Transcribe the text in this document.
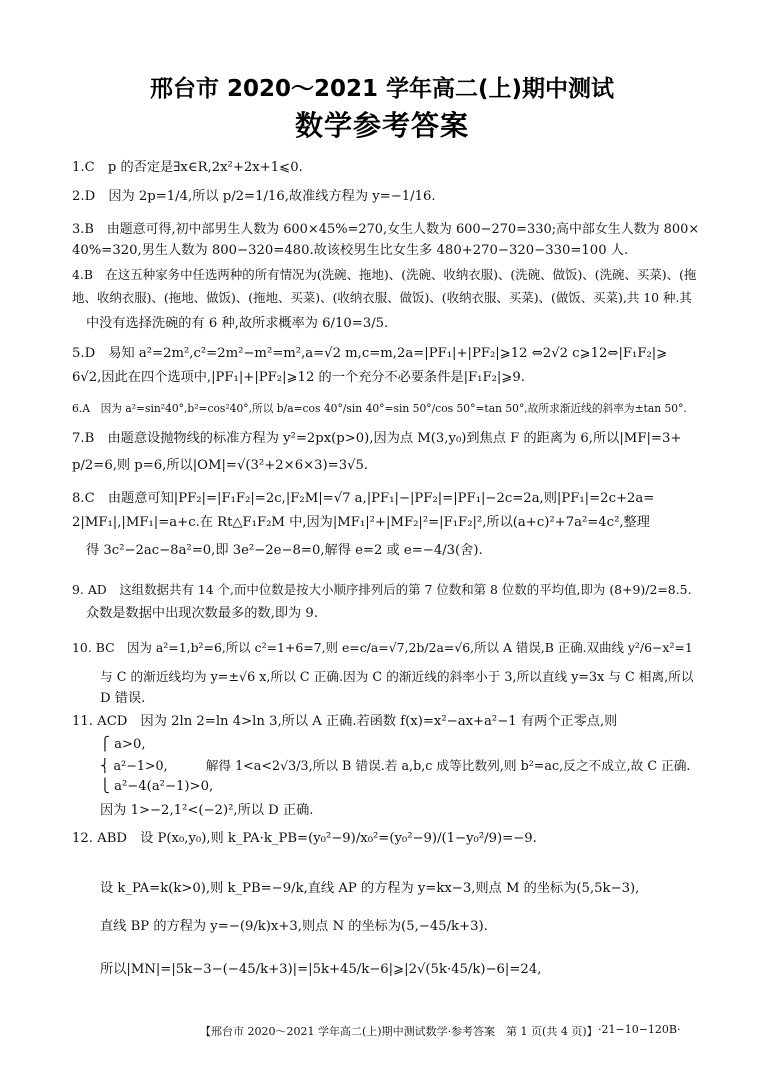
邢台市 2020～2021 学年高二(上)期中测试
数学参考答案
1.C　p 的否定是∃x∈R,2x²+2x+1⩽0.
2.D　因为 2p=1/4,所以 p/2=1/16,故准线方程为 y=−1/16.
3.B　由题意可得,初中部男生人数为 600×45%=270,女生人数为 600−270=330;高中部女生人数为 800×
40%=320,男生人数为 800−320=480.故该校男生比女生多 480+270−320−330=100 人.
4.B　在这五种家务中任选两种的所有情况为(洗碗、拖地)、(洗碗、收纳衣服)、(洗碗、做饭)、(洗碗、买菜)、(拖
地、收纳衣服)、(拖地、做饭)、(拖地、买菜)、(收纳衣服、做饭)、(收纳衣服、买菜)、(做饭、买菜),共 10 种.其
中没有选择洗碗的有 6 种,故所求概率为 6/10=3/5.
5.D　易知 a²=2m²,c²=2m²−m²=m²,a=√2 m,c=m,2a=|PF₁|+|PF₂|⩾12 ⇔2√2 c⩾12⇔|F₁F₂|⩾
6√2,因此在四个选项中,|PF₁|+|PF₂|⩾12 的一个充分不必要条件是|F₁F₂|⩾9.
6.A　因为 a²=sin²40°,b²=cos²40°,所以 b/a=cos 40°/sin 40°=sin 50°/cos 50°=tan 50°,故所求渐近线的斜率为±tan 50°.
7.B　由题意设抛物线的标准方程为 y²=2px(p>0),因为点 M(3,y₀)到焦点 F 的距离为 6,所以|MF|=3+
p/2=6,则 p=6,所以|OM|=√(3²+2×6×3)=3√5.
8.C　由题意可知|PF₂|=|F₁F₂|=2c,|F₂M|=√7 a,|PF₁|−|PF₂|=|PF₁|−2c=2a,则|PF₁|=2c+2a=
2|MF₁|,|MF₁|=a+c.在 Rt△F₁F₂M 中,因为|MF₁|²+|MF₂|²=|F₁F₂|²,所以(a+c)²+7a²=4c²,整理
得 3c²−2ac−8a²=0,即 3e²−2e−8=0,解得 e=2 或 e=−4/3(舍).
9. AD　这组数据共有 14 个,而中位数是按大小顺序排列后的第 7 位数和第 8 位数的平均值,即为 (8+9)/2=8.5.
众数是数据中出现次数最多的数,即为 9.
10. BC　因为 a²=1,b²=6,所以 c²=1+6=7,则 e=c/a=√7,2b/2a=√6,所以 A 错误,B 正确.双曲线 y²/6−x²=1
与 C 的渐近线均为 y=±√6 x,所以 C 正确.因为 C 的渐近线的斜率小于 3,所以直线 y=3x 与 C 相离,所以
D 错误.
11. ACD　因为 2ln 2=ln 4>ln 3,所以 A 正确.若函数 f(x)=x²−ax+a²−1 有两个正零点,则
⎧ a>0,
⎨ a²−1>0,　　　解得 1<a<2√3/3,所以 B 错误.若 a,b,c 成等比数列,则 b²=ac,反之不成立,故 C 正确.
⎩ a²−4(a²−1)>0,
因为 1>−2,1²<(−2)²,所以 D 正确.
12. ABD　设 P(x₀,y₀),则 k_PA·k_PB=(y₀²−9)/x₀²=(y₀²−9)/(1−y₀²/9)=−9.
设 k_PA=k(k>0),则 k_PB=−9/k,直线 AP 的方程为 y=kx−3,则点 M 的坐标为(5,5k−3),
直线 BP 的方程为 y=−(9/k)x+3,则点 N 的坐标为(5,−45/k+3).
所以|MN|=|5k−3−(−45/k+3)|=|5k+45/k−6|⩾|2√(5k·45/k)−6|=24,
【邢台市 2020～2021 学年高二(上)期中测试数学·参考答案　第 1 页(共 4 页)】 ·21−10−120B·
